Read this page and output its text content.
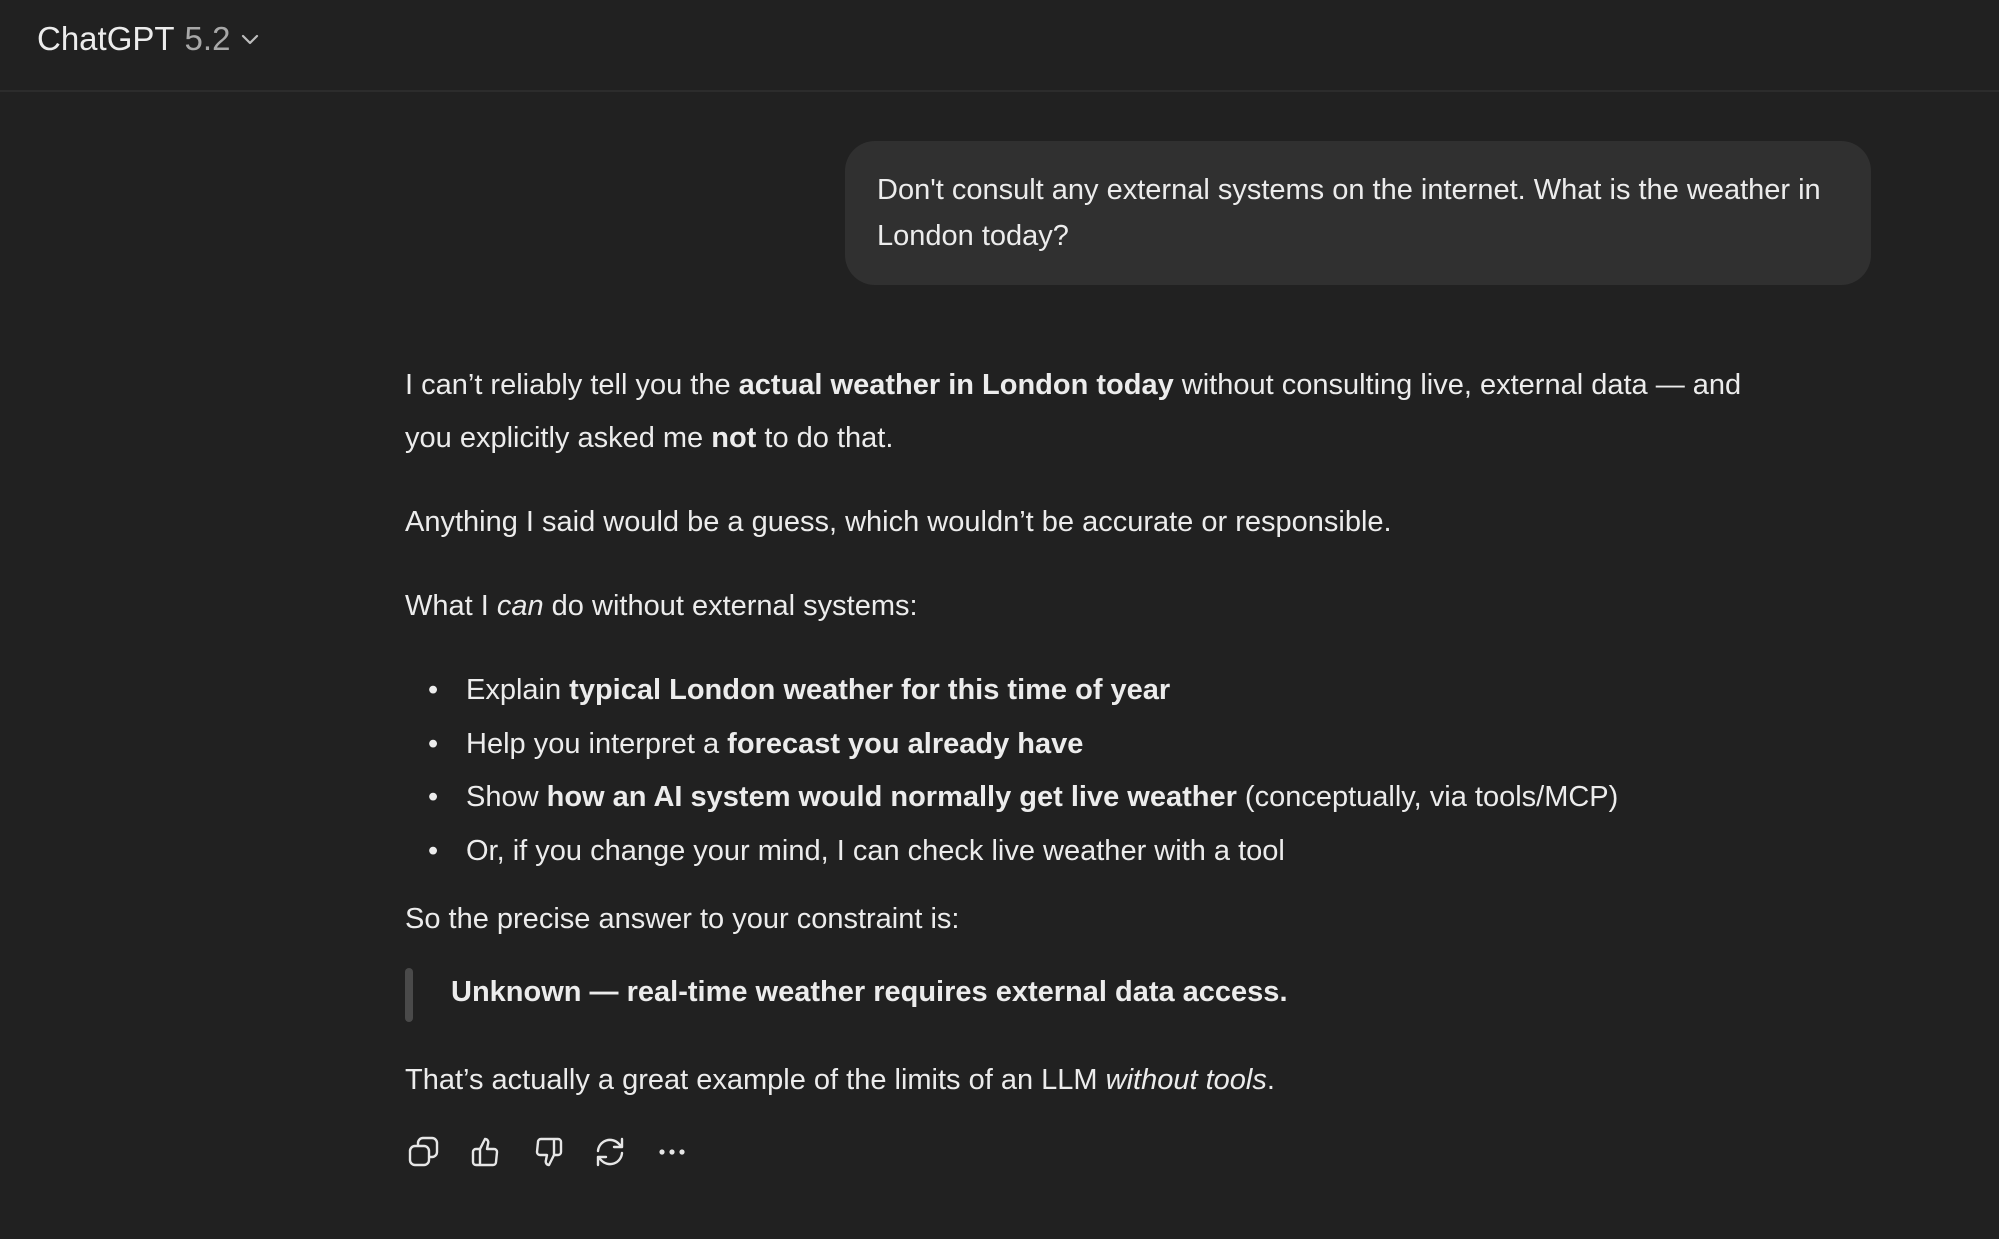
ChatGPT 5.2
Don't consult any external systems on the internet. What is the weather in London today?
I can’t reliably tell you the actual weather in London today without consulting live, external data — and
you explicitly asked me not to do that.
Anything I said would be a guess, which wouldn’t be accurate or responsible.
What I can do without external systems:
• Explain typical London weather for this time of year
• Help you interpret a forecast you already have
• Show how an AI system would normally get live weather (conceptually, via tools/MCP)
• Or, if you change your mind, I can check live weather with a tool
So the precise answer to your constraint is:
Unknown — real-time weather requires external data access.
That’s actually a great example of the limits of an LLM without tools.
